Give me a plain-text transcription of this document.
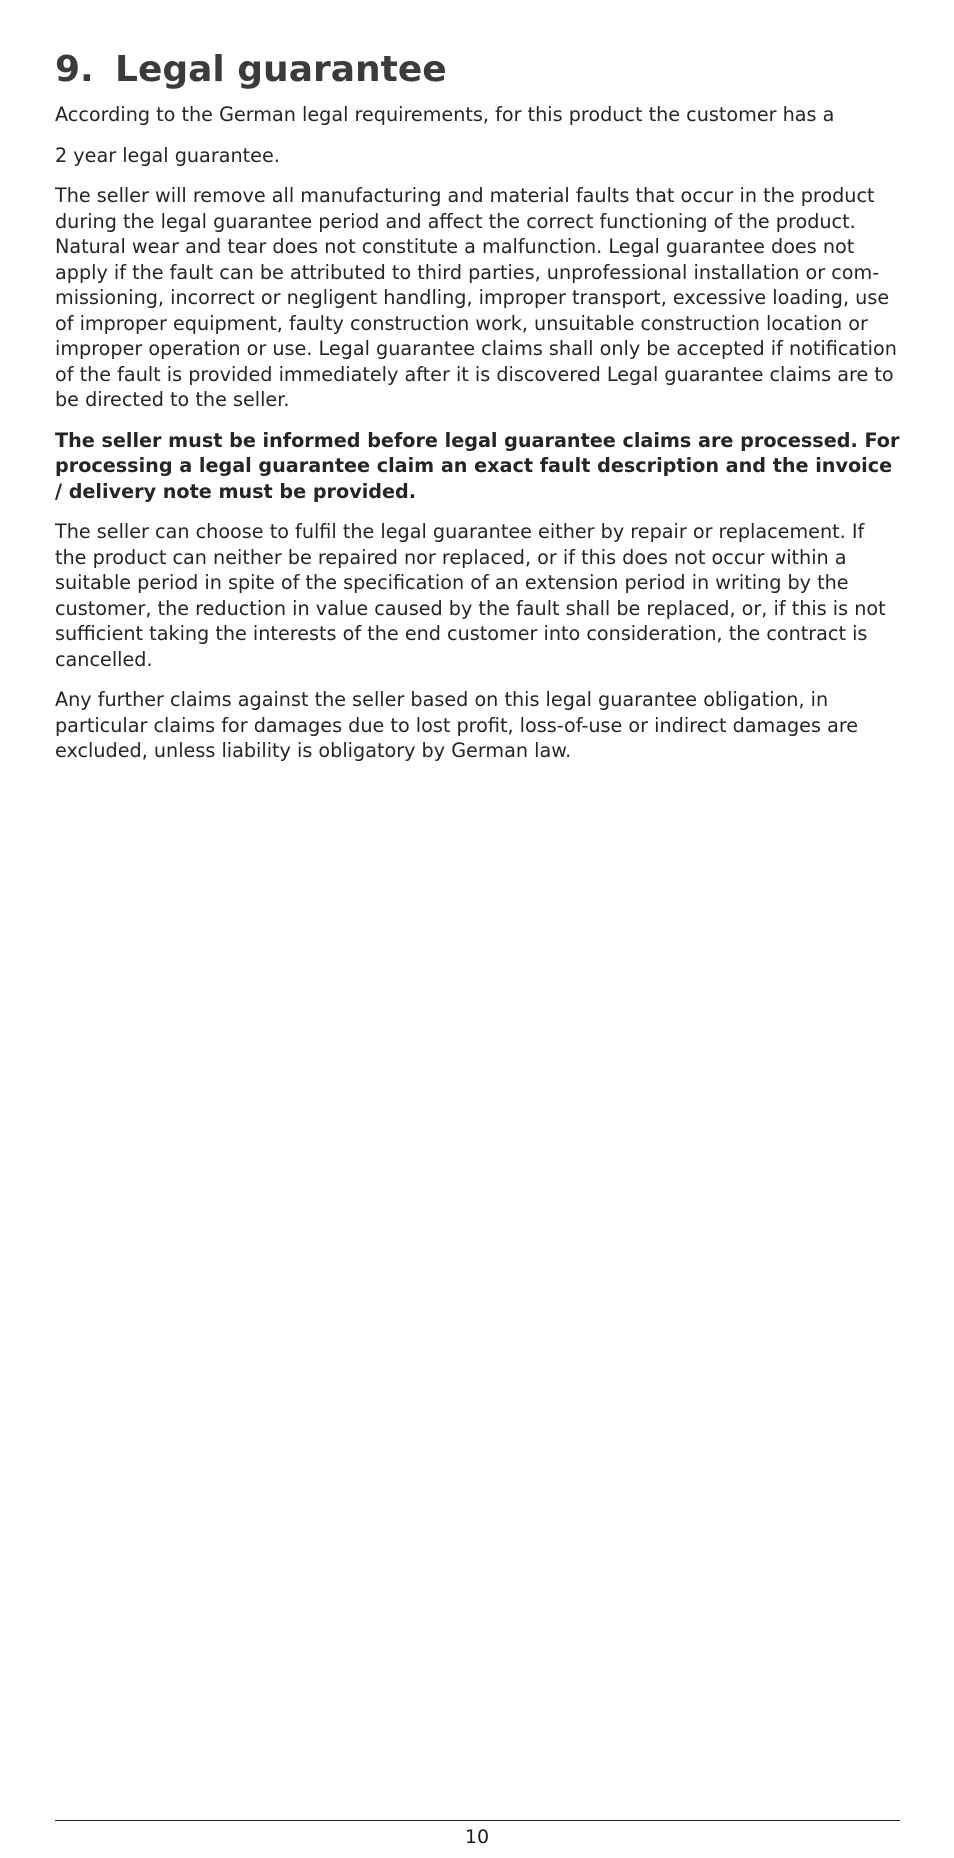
9. Legal guarantee

According to the German legal requirements, for this product the customer has a

2 year legal guarantee.

The seller will remove all manufacturing and material faults that occur in the product during the legal guarantee period and affect the correct functioning of the product. Natural wear and tear does not constitute a malfunction. Legal guarantee does not apply if the fault can be attributed to third parties, unprofessional installation or com-missioning, incorrect or negligent handling, improper transport, excessive loading, use of improper equipment, faulty construction work, unsuitable construction location or improper operation or use. Legal guarantee claims shall only be accepted if notification of the fault is provided immediately after it is discovered Legal guarantee claims are to be directed to the seller.

The seller must be informed before legal guarantee claims are processed. For processing a legal guarantee claim an exact fault description and the invoice / delivery note must be provided.

The seller can choose to fulfil the legal guarantee either by repair or replacement. If the product can neither be repaired nor replaced, or if this does not occur within a suitable period in spite of the specification of an extension period in writing by the customer, the reduction in value caused by the fault shall be replaced, or, if this is not sufficient taking the interests of the end customer into consideration, the contract is cancelled.

Any further claims against the seller based on this legal guarantee obligation, in particular claims for damages due to lost profit, loss-of-use or indirect damages are excluded, unless liability is obligatory by German law.

10
